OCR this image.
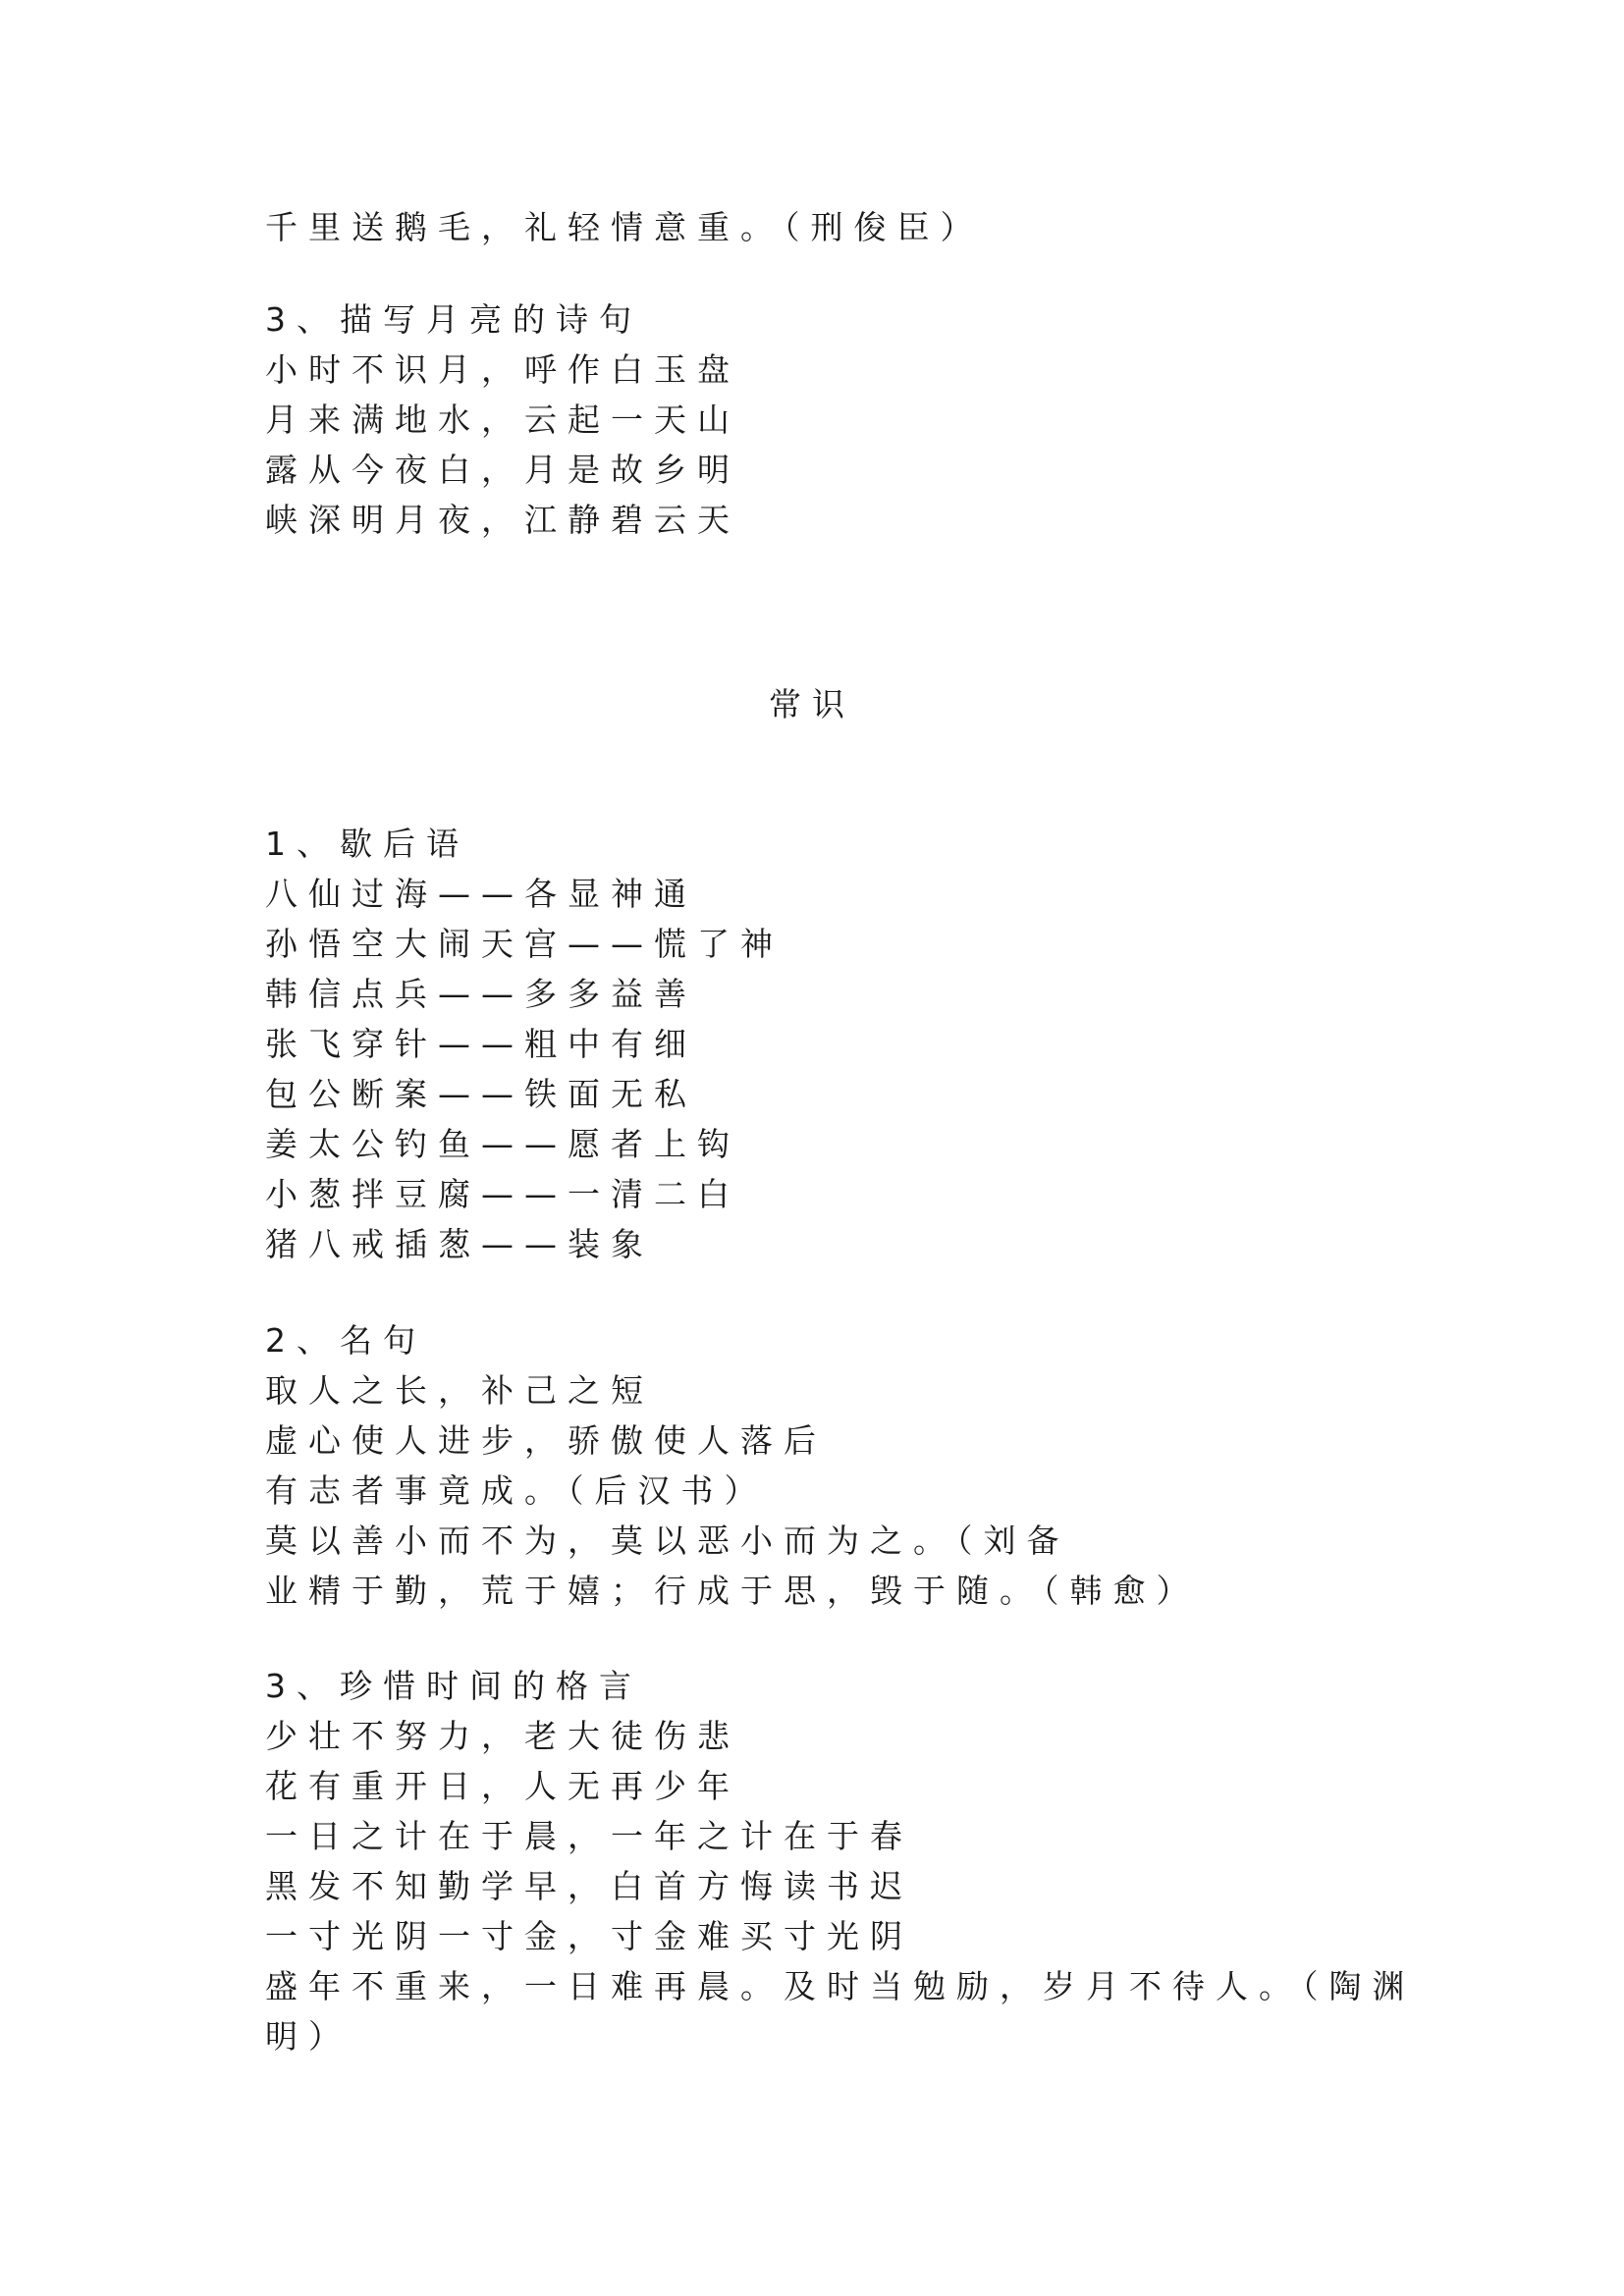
千里送鹅毛，礼轻情意重。（刑俊臣）
3、描写月亮的诗句
小时不识月，呼作白玉盘
月来满地水，云起一天山
露从今夜白，月是故乡明
峡深明月夜，江静碧云天
常识
1、歇后语
八仙过海——各显神通
孙悟空大闹天宫——慌了神
韩信点兵——多多益善
张飞穿针——粗中有细
包公断案——铁面无私
姜太公钓鱼——愿者上钩
小葱拌豆腐——一清二白
猪八戒插葱——装象
2、名句
取人之长，补己之短
虚心使人进步，骄傲使人落后
有志者事竟成。（后汉书）
莫以善小而不为，莫以恶小而为之。（刘备
业精于勤，荒于嬉；行成于思，毁于随。（韩愈）
3、珍惜时间的格言
少壮不努力，老大徒伤悲
花有重开日，人无再少年
一日之计在于晨，一年之计在于春
黑发不知勤学早，白首方悔读书迟
一寸光阴一寸金，寸金难买寸光阴
盛年不重来，一日难再晨。及时当勉励，岁月不待人。（陶渊
明）
